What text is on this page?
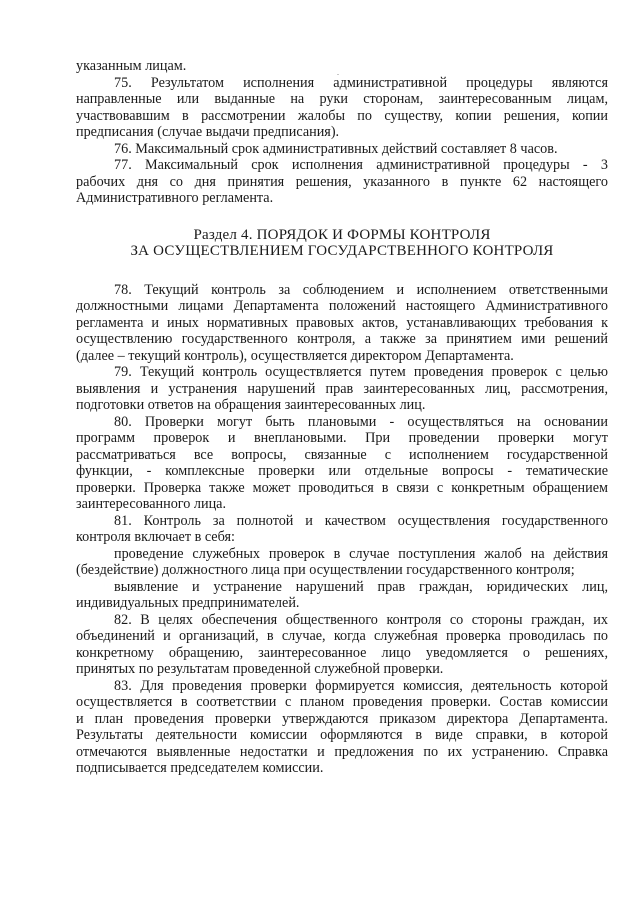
указанным лицам.
75. Результатом исполнения административной процедуры являются
направленные или выданные на руки сторонам, заинтересованным лицам,
участвовавшим в рассмотрении жалобы по существу, копии решения, копии
предписания (случае выдачи предписания).
76. Максимальный срок административных действий составляет 8 часов.
77. Максимальный срок исполнения административной процедуры - 3
рабочих дня со дня принятия решения, указанного в пункте 62 настоящего
Административного регламента.
Раздел 4. ПОРЯДОК И ФОРМЫ КОНТРОЛЯ
ЗА ОСУЩЕСТВЛЕНИЕМ ГОСУДАРСТВЕННОГО КОНТРОЛЯ
78. Текущий контроль за соблюдением и исполнением ответственными
должностными лицами Департамента положений настоящего Административного
регламента и иных нормативных правовых актов, устанавливающих требования к
осуществлению государственного контроля, а также за принятием ими решений
(далее – текущий контроль), осуществляется директором Департамента.
79. Текущий контроль осуществляется путем проведения проверок с целью
выявления и устранения нарушений прав заинтересованных лиц, рассмотрения,
подготовки ответов на обращения заинтересованных лиц.
80. Проверки могут быть плановыми - осуществляться на основании
программ проверок и внеплановыми. При проведении проверки могут
рассматриваться все вопросы, связанные с исполнением государственной
функции, - комплексные проверки или отдельные вопросы - тематические
проверки. Проверка также может проводиться в связи с конкретным обращением
заинтересованного лица.
81. Контроль за полнотой и качеством осуществления государственного
контроля включает в себя:
проведение служебных проверок в случае поступления жалоб на действия
(бездействие) должностного лица при осуществлении государственного контроля;
выявление и устранение нарушений прав граждан, юридических лиц,
индивидуальных предпринимателей.
82. В целях обеспечения общественного контроля со стороны граждан, их
объединений и организаций, в случае, когда служебная проверка проводилась по
конкретному обращению, заинтересованное лицо уведомляется о решениях,
принятых по результатам проведенной служебной проверки.
83. Для проведения проверки формируется комиссия, деятельность которой
осуществляется в соответствии с планом проведения проверки. Состав комиссии
и план проведения проверки утверждаются приказом директора Департамента.
Результаты деятельности комиссии оформляются в виде справки, в которой
отмечаются выявленные недостатки и предложения по их устранению. Справка
подписывается председателем комиссии.
